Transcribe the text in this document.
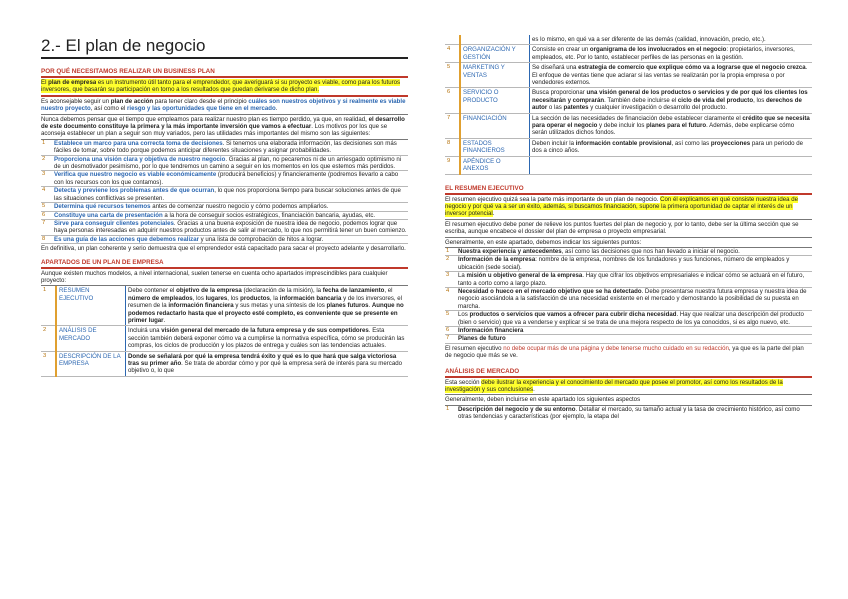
2.- El plan de negocio
POR QUÉ NECESITAMOS REALIZAR UN BUSINESS PLAN

El plan de empresa es un instrumento útil tanto para el emprendedor, que averiguará si su proyecto es viable, como para los futuros inversores, que basarán su participación en torno a los resultados que puedan derivarse de dicho plan.

Es aconsejable seguir un plan de acción para tener claro desde el principio cuáles son nuestros objetivos y si realmente es viable nuestro proyecto, así como el riesgo y las oportunidades que tiene en el mercado.

Nunca debemos pensar que el tiempo que empleamos para realizar nuestro plan es tiempo perdido, ya que, en realidad, el desarrollo de este documento constituye la primera y la más importante inversión que vamos a efectuar. Los motivos por los que se aconseja establecer un plan a seguir son muy variados, pero las utilidades más importantes del mismo son las siguientes:

1	Establece un marco para una correcta toma de decisiones. Si tenemos una elaborada información, las decisiones son más fáciles de tomar, sobre todo porque podemos anticipar diferentes situaciones y asignar probabilidades.
2	Proporciona una visión clara y objetiva de nuestro negocio. Gracias al plan, no pecaremos ni de un arriesgado optimismo ni de un desmotivador pesimismo, por lo que tendremos un camino a seguir en los momentos en los que estemos más perdidos.
3	Verifica que nuestro negocio es viable económicamente (producirá beneficios) y financieramente (podremos llevarlo a cabo con los recursos con los que contamos).
4	Detecta y previene los problemas antes de que ocurran, lo que nos proporciona tiempo para buscar soluciones antes de que las situaciones conflictivas se presenten.
5	Determina qué recursos tenemos antes de comenzar nuestro negocio y cómo podemos ampliarlos.
6	Constituye una carta de presentación a la hora de conseguir socios estratégicos, financiación bancaria, ayudas, etc.
7	Sirve para conseguir clientes potenciales. Gracias a una buena exposición de nuestra idea de negocio, podemos lograr que haya personas interesadas en adquirir nuestros productos antes de salir al mercado, lo que nos permitirá tener un buen comienzo.
8	Es una guía de las acciones que debemos realizar y una lista de comprobación de hitos a lograr.

En definitiva, un plan coherente y serio demuestra que el emprendedor está capacitado para sacar el proyecto adelante y desarrollarlo.

APARTADOS DE UN PLAN DE EMPRESA

Aunque existen muchos modelos, a nivel internacional, suelen tenerse en cuenta ocho apartados imprescindibles para cualquier proyecto:

1	RESUMEN EJECUTIVO	Debe contener el objetivo de la empresa (declaración de la misión), la fecha de lanzamiento, el número de empleados, los lugares, los productos, la información bancaria y de los inversores, el resumen de la información financiera y sus metas y una síntesis de los planes futuros. Aunque no podemos redactarlo hasta que el proyecto esté completo, es conveniente que se presente en primer lugar.
2	ANÁLISIS DE MERCADO	Incluirá una visión general del mercado de la futura empresa y de sus competidores. Esta sección también deberá exponer cómo va a cumplirse la normativa específica, cómo se producirán las compras, los ciclos de producción y los plazos de entrega y cuáles son las tendencias actuales.
3	DESCRIPCIÓN DE LA EMPRESA	Donde se señalará por qué la empresa tendrá éxito y qué es lo que hará que salga victoriosa tras su primer año. Se trata de abordar cómo y por qué la empresa será de interés para su mercado objetivo o, lo que
		es lo mismo, en qué va a ser diferente de las demás (calidad, innovación, precio, etc.).
4	ORGANIZACIÓN Y GESTIÓN	Consiste en crear un organigrama de los involucrados en el negocio: propietarios, inversores, empleados, etc. Por lo tanto, establecer perfiles de las personas en la gestión.
5	MARKETING Y VENTAS	Se diseñará una estrategia de comercio que explique cómo va a lograrse que el negocio crezca. El enfoque de ventas tiene que aclarar si las ventas se realizarán por la propia empresa o por vendedores externos.
6	SERVICIO O PRODUCTO	Busca proporcionar una visión general de los productos o servicios y de por qué los clientes los necesitarán y comprarán. También debe incluirse el ciclo de vida del producto, los derechos de autor o las patentes y cualquier investigación o desarrollo del producto.
7	FINANCIACIÓN	La sección de las necesidades de financiación debe establecer claramente el crédito que se necesita para operar el negocio y debe incluir los planes para el futuro. Además, debe explicarse cómo serán utilizados dichos fondos.
8	ESTADOS FINANCIEROS	Deben incluir la información contable provisional, así como las proyecciones para un periodo de dos a cinco años.
9	APÉNDICE O ANEXOS	
EL RESUMEN EJECUTIVO

El resumen ejecutivo quizá sea la parte más importante de un plan de negocio. Con él explicamos en qué consiste nuestra idea de negocio y por qué va a ser un éxito, además, si buscamos financiación, supone la primera oportunidad de captar el interés de un inversor potencial.

El resumen ejecutivo debe poner de relieve los puntos fuertes del plan de negocio y, por lo tanto, debe ser la última sección que se escriba, aunque encabece el dossier del plan de empresa o proyecto empresarial.

Generalmente, en este apartado, debemos indicar los siguientes puntos:

1	Nuestra experiencia y antecedentes, así como las decisiones que nos han llevado a iniciar el negocio.
2	Información de la empresa: nombre de la empresa, nombres de los fundadores y sus funciones, número de empleados y ubicación (sede social).
3	La misión u objetivo general de la empresa. Hay que cifrar los objetivos empresariales e indicar cómo se actuará en el futuro, tanto a corto como a largo plazo.
4	Necesidad o hueco en el mercado objetivo que se ha detectado. Debe presentarse nuestra futura empresa y nuestra idea de negocio asociándola a la satisfacción de una necesidad existente en el mercado y demostrando la posibilidad de su puesta en marcha.
5	Los productos o servicios que vamos a ofrecer para cubrir dicha necesidad. Hay que realizar una descripción del producto (bien o servicio) que va a venderse y explicar si se trata de una mejora respecto de los ya conocidos, si es algo nuevo, etc.
6	Información financiera
7	Planes de futuro

El resumen ejecutivo no debe ocupar más de una página y debe tenerse mucho cuidado en su redacción, ya que es la parte del plan de negocio que más se ve.

ANÁLISIS DE MERCADO

Esta sección debe ilustrar la experiencia y el conocimiento del mercado que posee el promotor, así como los resultados de la investigación y sus conclusiones.

Generalmente, deben incluirse en este apartado los siguientes aspectos

1	Descripción del negocio y de su entorno. Detallar el mercado, su tamaño actual y la tasa de crecimiento histórico, así como otras tendencias y características (por ejemplo, la etapa del
